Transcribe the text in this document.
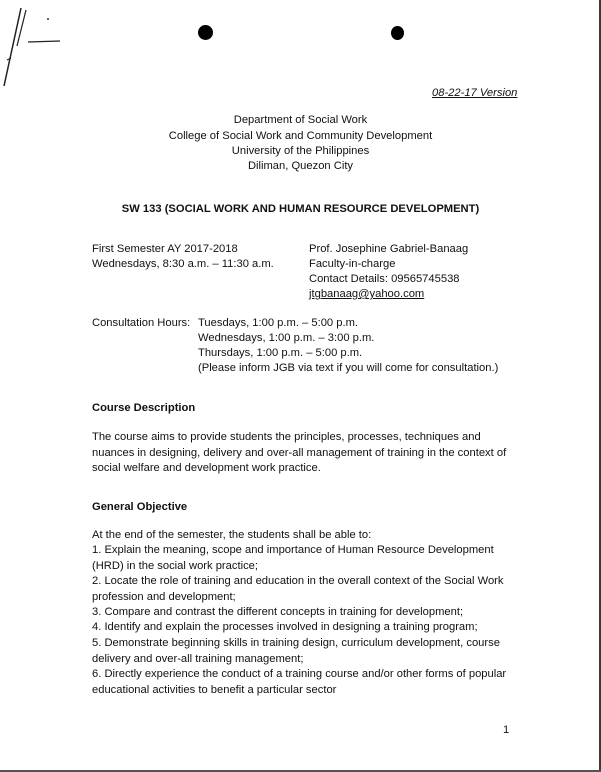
08-22-17 Version
Department of Social Work
College of Social Work and Community Development
University of the Philippines
Diliman, Quezon City
SW 133 (SOCIAL WORK AND HUMAN RESOURCE DEVELOPMENT)
First Semester AY 2017-2018
Wednesdays, 8:30 a.m. – 11:30 a.m.
Prof. Josephine Gabriel-Banaag
Faculty-in-charge
Contact Details: 09565745538
jtgbanaag@yahoo.com
Consultation Hours: Tuesdays, 1:00 p.m. – 5:00 p.m.
Wednesdays, 1:00 p.m. – 3:00 p.m.
Thursdays, 1:00 p.m. – 5:00 p.m.
(Please inform JGB via text if you will come for consultation.)
Course Description
The course aims to provide students the principles, processes, techniques and nuances in designing, delivery and over-all management of training in the context of social welfare and development work practice.
General Objective
At the end of the semester, the students shall be able to:
1. Explain the meaning, scope and importance of Human Resource Development (HRD) in the social work practice;
2. Locate the role of training and education in the overall context of the Social Work profession and development;
3. Compare and contrast the different concepts in training for development;
4. Identify and explain the processes involved in designing a training program;
5. Demonstrate beginning skills in training design, curriculum development, course delivery and over-all training management;
6. Directly experience the conduct of a training course and/or other forms of popular educational activities to benefit a particular sector
1
